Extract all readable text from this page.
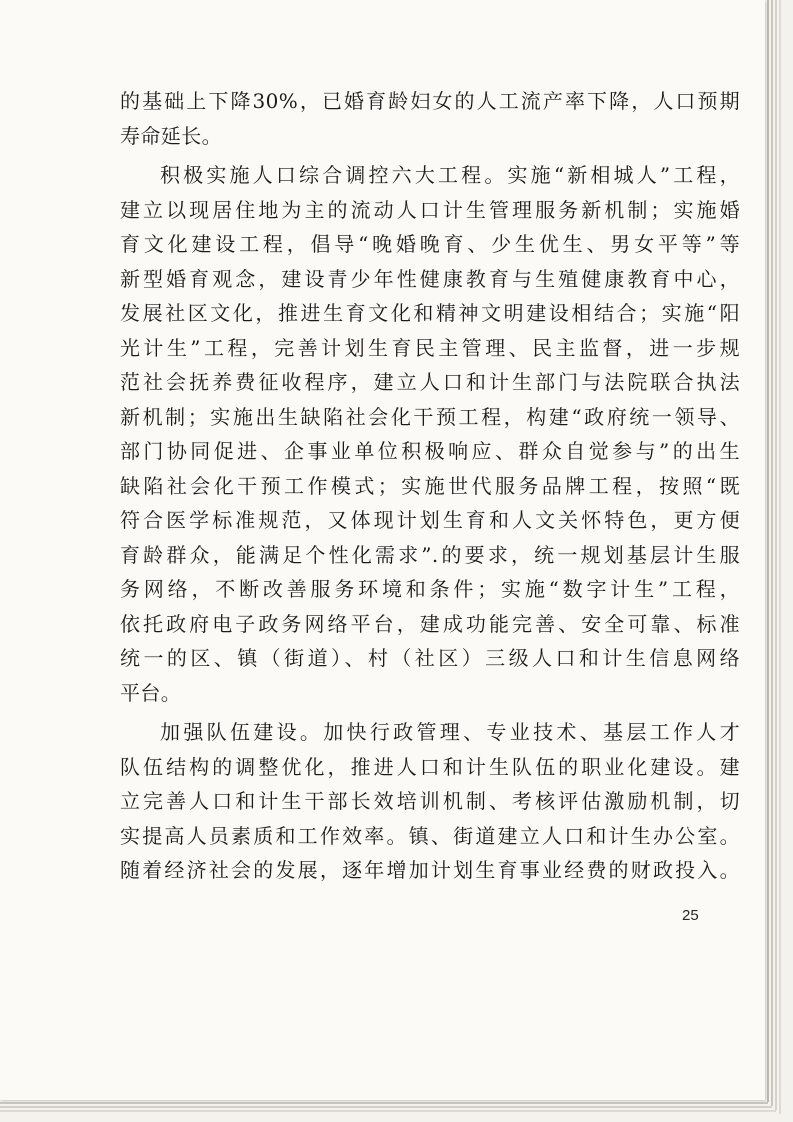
的基础上下降30%，已婚育龄妇女的人工流产率下降，人口预期
寿命延长。
积极实施人口综合调控六大工程。实施“新相城人”工程，
建立以现居住地为主的流动人口计生管理服务新机制；实施婚
育文化建设工程，倡导“晚婚晚育、少生优生、男女平等”等
新型婚育观念，建设青少年性健康教育与生殖健康教育中心，
发展社区文化，推进生育文化和精神文明建设相结合；实施“阳
光计生”工程，完善计划生育民主管理、民主监督，进一步规
范社会抚养费征收程序，建立人口和计生部门与法院联合执法
新机制；实施出生缺陷社会化干预工程，构建“政府统一领导、
部门协同促进、企事业单位积极响应、群众自觉参与”的出生
缺陷社会化干预工作模式；实施世代服务品牌工程，按照“既
符合医学标准规范，又体现计划生育和人文关怀特色，更方便
育龄群众，能满足个性化需求”.的要求，统一规划基层计生服
务网络，不断改善服务环境和条件；实施“数字计生”工程，
依托政府电子政务网络平台，建成功能完善、安全可靠、标准
统一的区、镇（街道）、村（社区）三级人口和计生信息网络
平台。
加强队伍建设。加快行政管理、专业技术、基层工作人才
队伍结构的调整优化，推进人口和计生队伍的职业化建设。建
立完善人口和计生干部长效培训机制、考核评估激励机制，切
实提高人员素质和工作效率。镇、街道建立人口和计生办公室。
随着经济社会的发展，逐年增加计划生育事业经费的财政投入。
25
